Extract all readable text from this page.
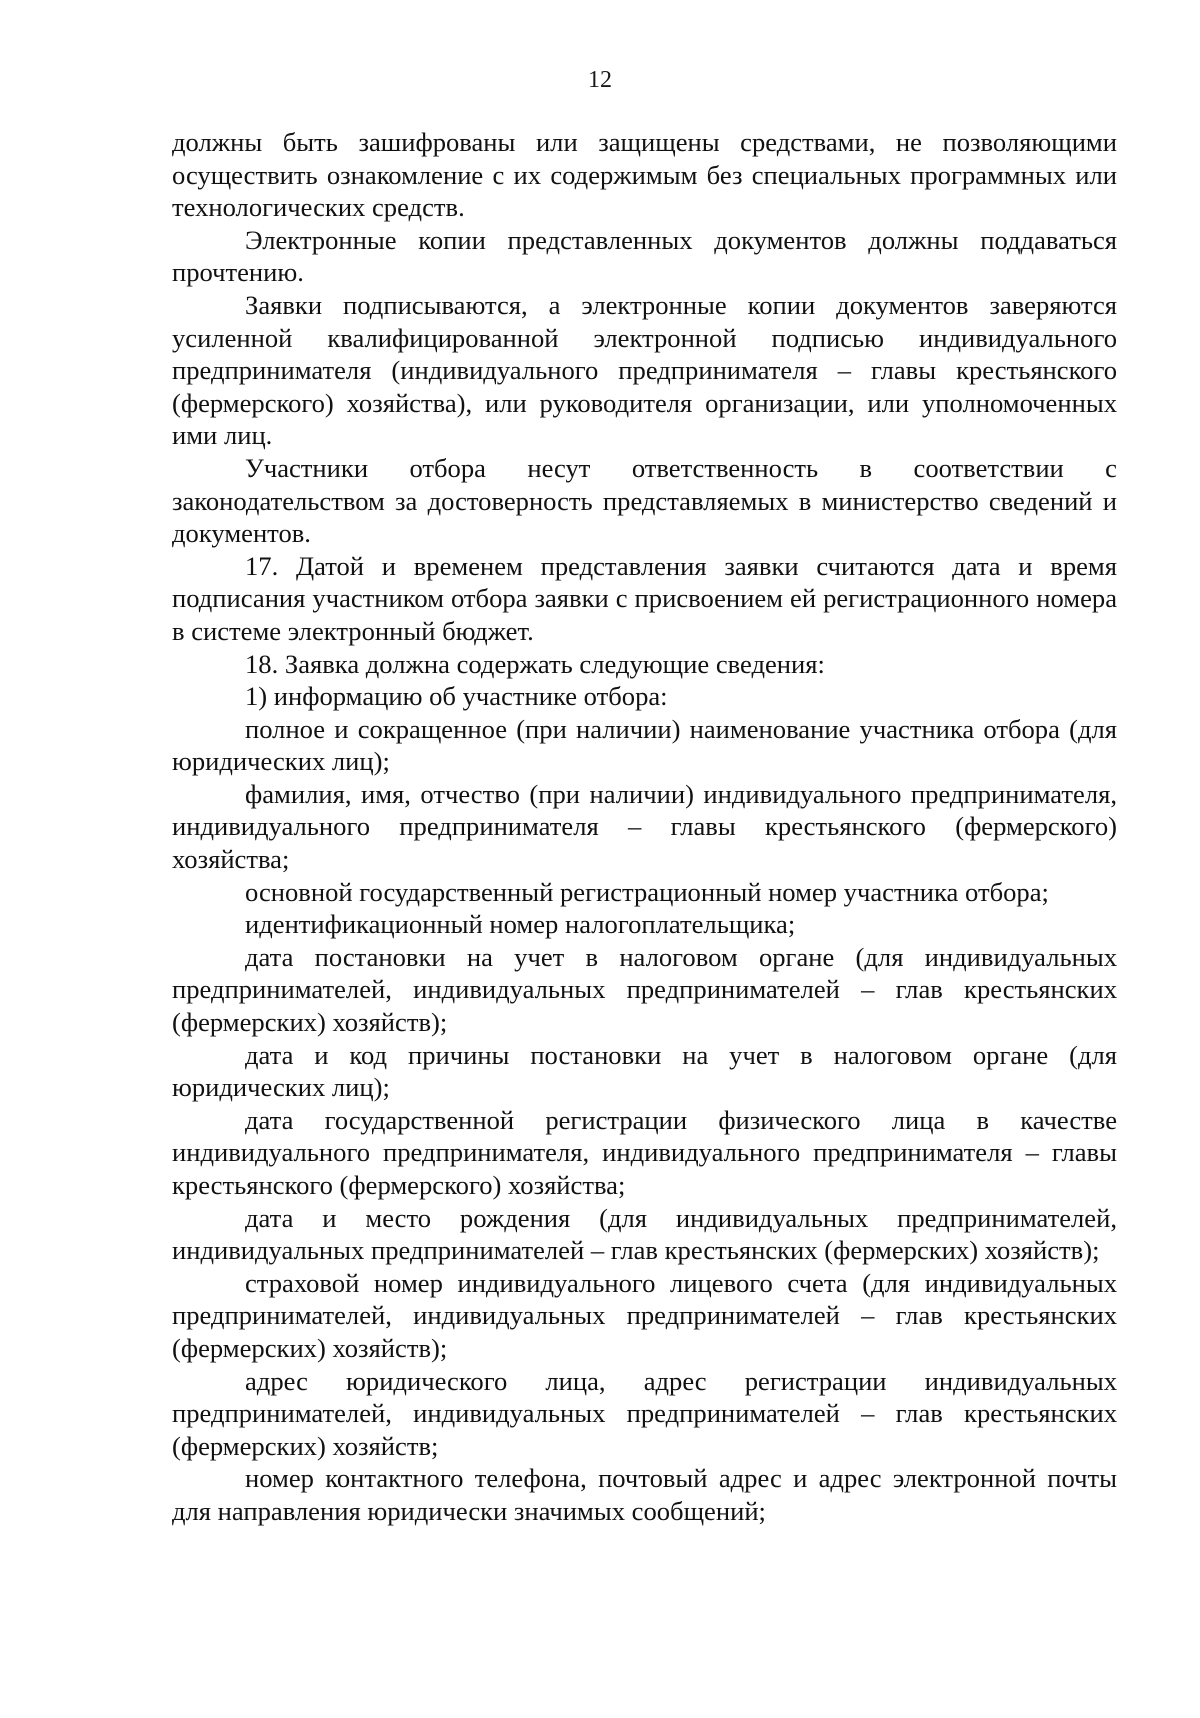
12

должны быть зашифрованы или защищены средствами, не позволяющими осуществить ознакомление с их содержимым без специальных программных или технологических средств.

Электронные копии представленных документов должны поддаваться прочтению.

Заявки подписываются, а электронные копии документов заверяются усиленной квалифицированной электронной подписью индивидуального предпринимателя (индивидуального предпринимателя – главы крестьянского (фермерского) хозяйства), или руководителя организации, или уполномоченных ими лиц.

Участники отбора несут ответственность в соответствии с законодательством за достоверность представляемых в министерство сведений и документов.

17. Датой и временем представления заявки считаются дата и время подписания участником отбора заявки с присвоением ей регистрационного номера в системе электронный бюджет.

18. Заявка должна содержать следующие сведения:

1) информацию об участнике отбора:

полное и сокращенное (при наличии) наименование участника отбора (для юридических лиц);

фамилия, имя, отчество (при наличии) индивидуального предпринимателя, индивидуального предпринимателя – главы крестьянского (фермерского) хозяйства;

основной государственный регистрационный номер участника отбора;

идентификационный номер налогоплательщика;

дата постановки на учет в налоговом органе (для индивидуальных предпринимателей, индивидуальных предпринимателей – глав крестьянских (фермерских) хозяйств);

дата и код причины постановки на учет в налоговом органе (для юридических лиц);

дата государственной регистрации физического лица в качестве индивидуального предпринимателя, индивидуального предпринимателя – главы крестьянского (фермерского) хозяйства;

дата и место рождения (для индивидуальных предпринимателей, индивидуальных предпринимателей – глав крестьянских (фермерских) хозяйств);

страховой номер индивидуального лицевого счета (для индивидуальных предпринимателей, индивидуальных предпринимателей – глав крестьянских (фермерских) хозяйств);

адрес юридического лица, адрес регистрации индивидуальных предпринимателей, индивидуальных предпринимателей – глав крестьянских (фермерских) хозяйств;

номер контактного телефона, почтовый адрес и адрес электронной почты для направления юридически значимых сообщений;
